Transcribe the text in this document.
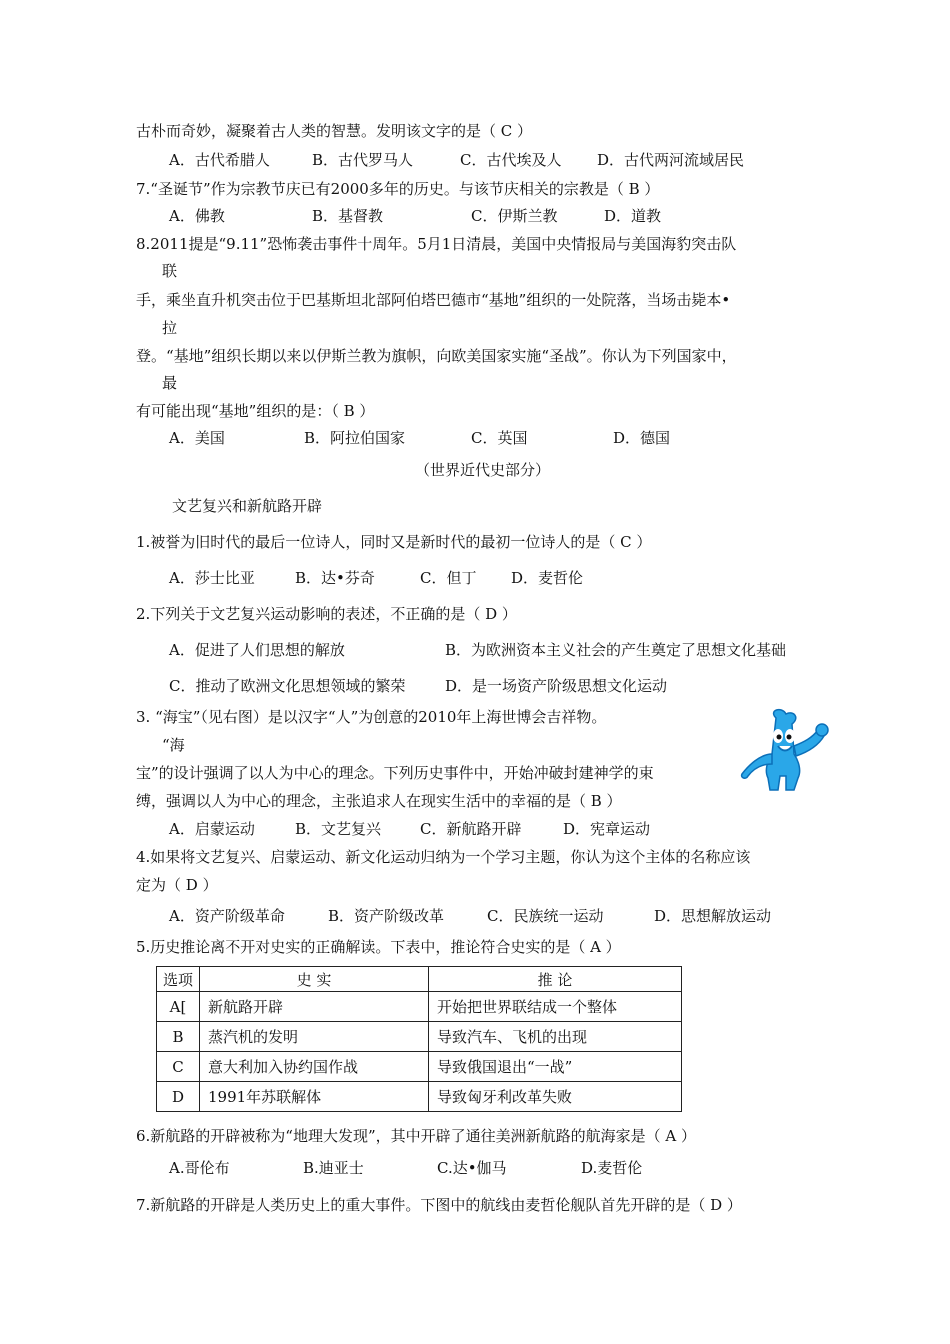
古朴而奇妙，凝聚着古人类的智慧。发明该文字的是（ C ）
A．古代希腊人	B．古代罗马人	C．古代埃及人 D．古代两河流域居民
7.“圣诞节”作为宗教节庆已有2000多年的历史。与该节庆相关的宗教是（ B ）
A．佛教	B．基督教	C．伊斯兰教	D．道教
8.2011提是“9.11”恐怖袭击事件十周年。5月1日清晨，美国中央情报局与美国海豹突击队
联
手，乘坐直升机突击位于巴基斯坦北部阿伯塔巴德市“基地”组织的一处院落，当场击毙本•
拉
登。“基地”组织长期以来以伊斯兰教为旗帜，向欧美国家实施“圣战”。你认为下列国家中，
最
有可能出现“基地”组织的是：（ B ）
A．美国	B．阿拉伯国家	C．英国	D．德国
（世界近代史部分）
文艺复兴和新航路开辟
1.被誉为旧时代的最后一位诗人，同时又是新时代的最初一位诗人的是（ C ）
A．莎士比亚	B．达•芬奇	C．但丁 D．麦哲伦
2.下列关于文艺复兴运动影响的表述，不正确的是（ D ）
A．促进了人们思想的解放	B．为欧洲资本主义社会的产生奠定了思想文化基础
C．推动了欧洲文化思想领域的繁荣	D．是一场资产阶级思想文化运动
3. “海宝”（见右图）是以汉字“人”为创意的2010年上海世博会吉祥物。
“海
宝”的设计强调了以人为中心的理念。下列历史事件中，开始冲破封建神学的束
缚，强调以人为中心的理念，主张追求人在现实生活中的幸福的是（ B ）
A．启蒙运动	B．文艺复兴	C．新航路开辟	D．宪章运动
4.如果将文艺复兴、启蒙运动、新文化运动归纳为一个学习主题，你认为这个主体的名称应该
定为（ D ）
A．资产阶级革命	B．资产阶级改革	C．民族统一运动	D．思想解放运动
5.历史推论离不开对史实的正确解读。下表中，推论符合史实的是（ A ）
选项	史 实	推 论
A[	新航路开辟	开始把世界联结成一个整体
B	蒸汽机的发明	导致汽车、飞机的出现
C	意大利加入协约国作战	导致俄国退出“一战”
D	1991年苏联解体	导致匈牙利改革失败
6.新航路的开辟被称为“地理大发现”，其中开辟了通往美洲新航路的航海家是（ A ）
A.哥伦布	B.迪亚士	C.达•伽马	D.麦哲伦
7.新航路的开辟是人类历史上的重大事件。下图中的航线由麦哲伦舰队首先开辟的是（ D ）
